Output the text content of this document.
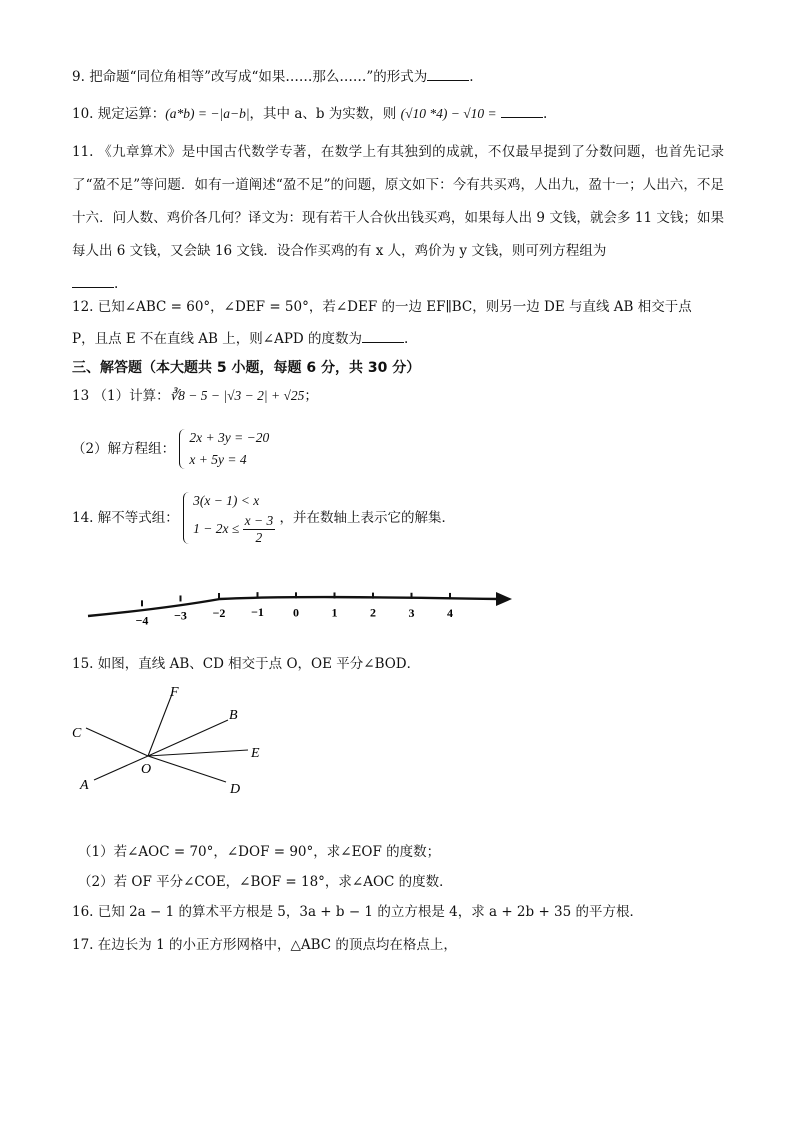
9. 把命题“同位角相等”改写成“如果……那么……”的形式为	.
10. 规定运算：(a*b) = −|a−b|，其中 a、b 为实数，则 (√10 *4) − √10 =	.
11. 《九章算术》是中国古代数学专著，在数学上有其独到的成就，不仅最早提到了分数问题，也首先记录了“盈不足”等问题．如有一道阐述“盈不足”的问题，原文如下：今有共买鸡，人出九，盈十一；人出六，不足十六．问人数、鸡价各几何？译文为：现有若干人合伙出钱买鸡，如果每人出 9 文钱，就会多 11 文钱；如果每人出 6 文钱，又会缺 16 文钱．设合作买鸡的有 x 人，鸡价为 y 文钱，则可列方程组为
.
12. 已知∠ABC = 60°，∠DEF = 50°，若∠DEF 的一边 EF∥BC，则另一边 DE 与直线 AB 相交于点
P，且点 E 不在直线 AB 上，则∠APD 的度数为	.
三、解答题（本大题共 5 小题，每题 6 分，共 30 分）
13 （1）计算：∛8 − 5 − |√3 − 2| + √25；
（2）解方程组：
2x + 3y = −20
x + 5y = 4
14. 解不等式组：
3(x − 1) < x
$1 - 2x \le \frac{x - 3}{2}$ ，并在数轴上表示它的解集．
−4 −3 −2 −1 0	1	2	3	4
15. 如图，直线 AB、CD 相交于点 O，OE 平分∠BOD．
F
B
C
E
O
A	D
（1）若∠AOC = 70°，∠DOF = 90°，求∠EOF 的度数；
（2）若 OF 平分∠COE，∠BOF = 18°，求∠AOC 的度数．
16. 已知 2a − 1 的算术平方根是 5，3a + b − 1 的立方根是 4，求 a + 2b + 35 的平方根．
17. 在边长为 1 的小正方形网格中，△ABC 的顶点均在格点上，
